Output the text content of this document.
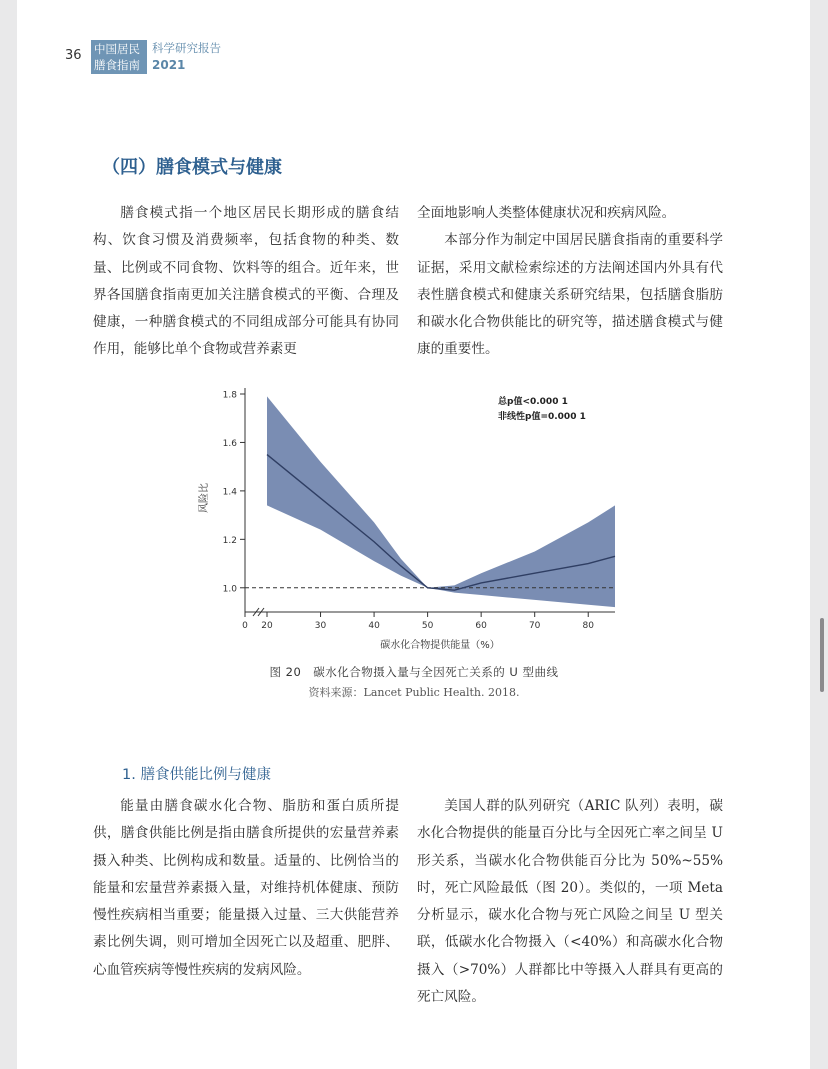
36 中国居民
膳食指南
科学研究报告
2021
（四）膳食模式与健康

膳食模式指一个地区居民长期形成的膳食结构、饮食习惯及消费频率，包括食物的种类、数量、比例或不同食物、饮料等的组合。近年来，世界各国膳食指南更加关注膳食模式的平衡、合理及健康，一种膳食模式的不同组成部分可能具有协同作用，能够比单个食物或营养素更

全面地影响人类整体健康状况和疾病风险。

本部分作为制定中国居民膳食指南的重要科学证据，采用文献检索综述的方法阐述国内外具有代表性膳食模式和健康关系研究结果，包括膳食脂肪和碳水化合物供能比的研究等，描述膳食模式与健康的重要性。

1.0
1.2
1.4
1.6
1.8
0 20	30	40	50	60	70	80
碳水化合物提供能量（%）
风险比
总p值<0.000 1
非线性p值=0.000 1
图 20　碳水化合物摄入量与全因死亡关系的 U 型曲线
资料来源：Lancet Public Health. 2018.
1. 膳食供能比例与健康

能量由膳食碳水化合物、脂肪和蛋白质所提供，膳食供能比例是指由膳食所提供的宏量营养素摄入种类、比例构成和数量。适量的、比例恰当的能量和宏量营养素摄入量，对维持机体健康、预防慢性疾病相当重要；能量摄入过量、三大供能营养素比例失调，则可增加全因死亡以及超重、肥胖、心血管疾病等慢性疾病的发病风险。

美国人群的队列研究（ARIC 队列）表明，碳水化合物提供的能量百分比与全因死亡率之间呈 U 形关系，当碳水化合物供能百分比为 50%~55% 时，死亡风险最低（图 20）。类似的，一项 Meta 分析显示，碳水化合物与死亡风险之间呈 U 型关联，低碳水化合物摄入（<40%）和高碳水化合物摄入（>70%）人群都比中等摄入人群具有更高的死亡风险。
